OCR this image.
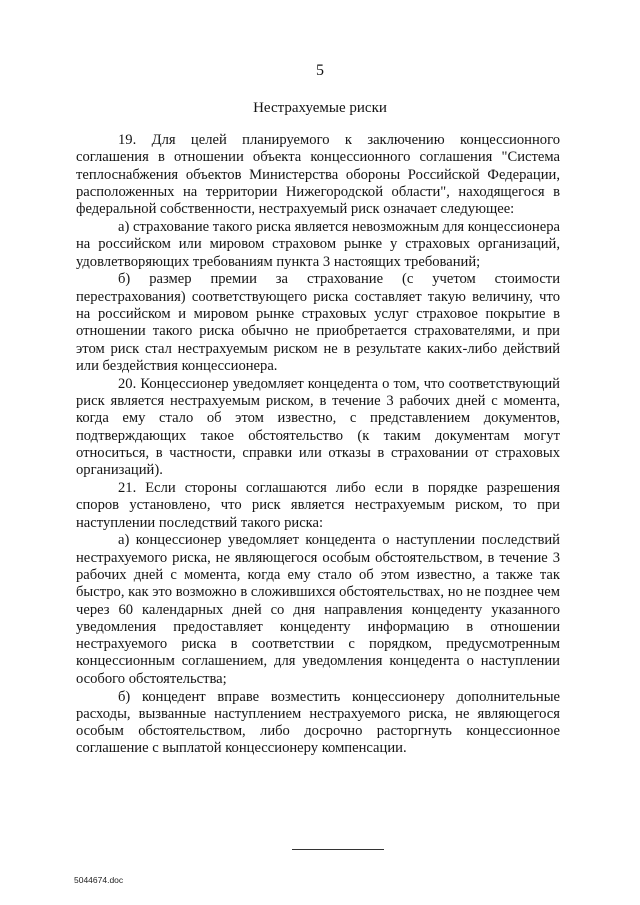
5
Нестрахуемые риски

19. Для целей планируемого к заключению концессионного соглашения в отношении объекта концессионного соглашения "Система теплоснабжения объектов Министерства обороны Российской Федерации, расположенных на территории Нижегородской области", находящегося в федеральной собственности, нестрахуемый риск означает следующее:

а) страхование такого риска является невозможным для концессионера на российском или мировом страховом рынке у страховых организаций, удовлетворяющих требованиям пункта 3 настоящих требований;

б) размер премии за страхование (с учетом стоимости перестрахования) соответствующего риска составляет такую величину, что на российском и мировом рынке страховых услуг страховое покрытие в отношении такого риска обычно не приобретается страхователями, и при этом риск стал нестрахуемым риском не в результате каких-либо действий или бездействия концессионера.

20. Концессионер уведомляет концедента о том, что соответствующий риск является нестрахуемым риском, в течение 3 рабочих дней с момента, когда ему стало об этом известно, с представлением документов, подтверждающих такое обстоятельство (к таким документам могут относиться, в частности, справки или отказы в страховании от страховых организаций).

21. Если стороны соглашаются либо если в порядке разрешения споров установлено, что риск является нестрахуемым риском, то при наступлении последствий такого риска:

а) концессионер уведомляет концедента о наступлении последствий нестрахуемого риска, не являющегося особым обстоятельством, в течение 3 рабочих дней с момента, когда ему стало об этом известно, а также так быстро, как это возможно в сложившихся обстоятельствах, но не позднее чем через 60 календарных дней со дня направления концеденту указанного уведомления предоставляет концеденту информацию в отношении нестрахуемого риска в соответствии с порядком, предусмотренным концессионным соглашением, для уведомления концедента о наступлении особого обстоятельства;

б) концедент вправе возместить концессионеру дополнительные расходы, вызванные наступлением нестрахуемого риска, не являющегося особым обстоятельством, либо досрочно расторгнуть концессионное соглашение с выплатой концессионеру компенсации.

5044674.doc
